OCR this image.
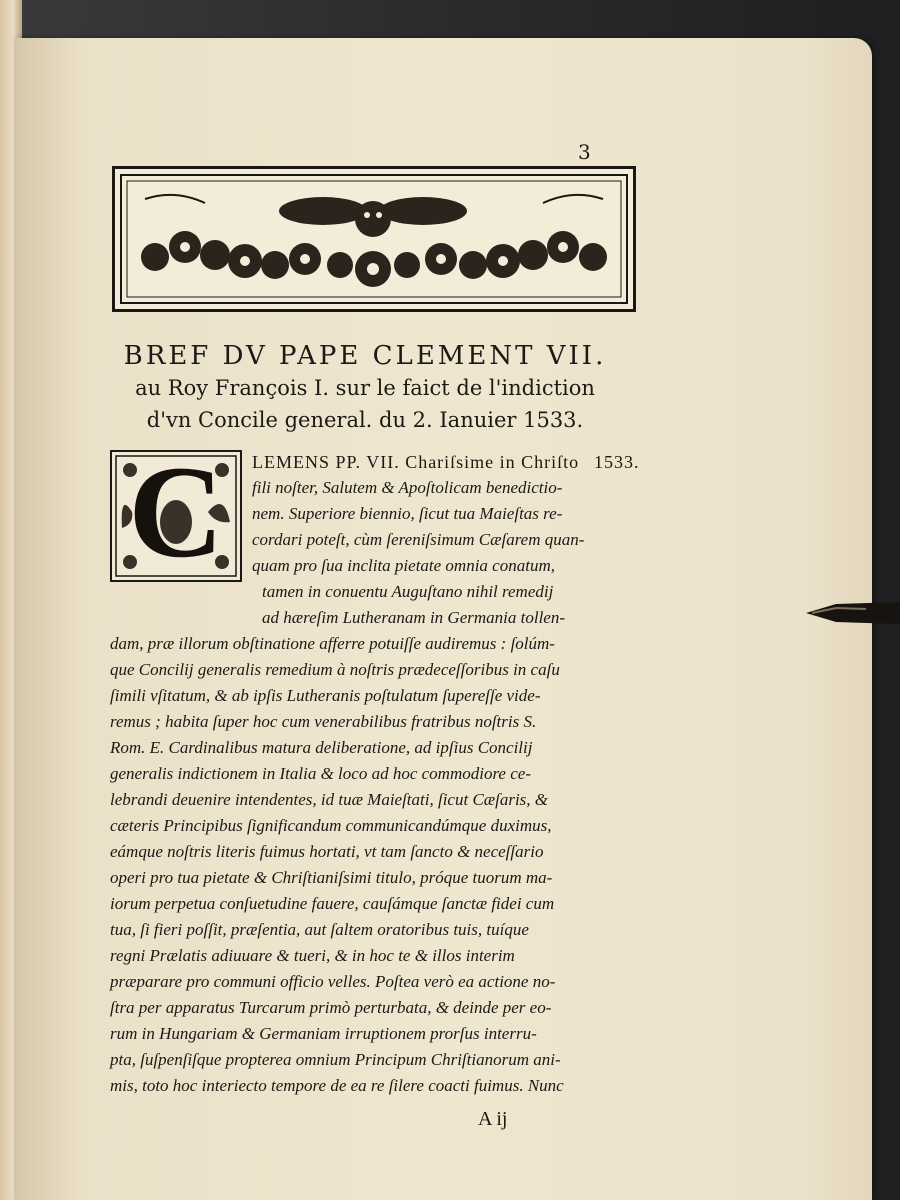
3
BREF DV PAPE CLEMENT VII.
au Roy François I. sur le faict de l'indiction
d'vn Concile general. du 2. Ianuier 1533.
C	1533.
LEMENS PP. VII. Chariſsime in Chriſto
fili noſter, Salutem & Apoſtolicam benedictio-
nem. Superiore biennio, ſicut tua Maieſtas re-
cordari poteſt, cùm ſereniſsimum Cæſarem quan-
quam pro ſua inclita pietate omnia conatum,
tamen in conuentu Auguſtano nihil remedij
ad hæreſim Lutheranam in Germania tollen-
dam, præ illorum obſtinatione afferre potuiſſe audiremus : ſolúm-
que Concilij generalis remedium à noſtris prædeceſſoribus in caſu
ſimili vſitatum, & ab ipſis Lutheranis poſtulatum ſupereſſe vide-
remus ; habita ſuper hoc cum venerabilibus fratribus noſtris S.
Rom. E. Cardinalibus matura deliberatione, ad ipſius Concilij
generalis indictionem in Italia & loco ad hoc commodiore ce-
lebrandi deuenire intendentes, id tuæ Maieſtati, ſicut Cæſaris, &
cæteris Principibus ſignificandum communicandúmque duximus,
eámque noſtris literis fuimus hortati, vt tam ſancto & neceſſario
operi pro tua pietate & Chriſtianiſsimi titulo, próque tuorum ma-
iorum perpetua conſuetudine fauere, cauſámque ſanctæ fidei cum
tua, ſi fieri poſſit, præſentia, aut ſaltem oratoribus tuis, tuíque
regni Prælatis adiuuare & tueri, & in hoc te & illos interim
præparare pro communi officio velles. Poſtea verò ea actione no-
ſtra per apparatus Turcarum primò perturbata, & deinde per eo-
rum in Hungariam & Germaniam irruptionem prorſus interru-
pta, ſuſpenſiſque propterea omnium Principum Chriſtianorum ani-
mis, toto hoc interiecto tempore de ea re ſilere coacti fuimus. Nunc
A ij
